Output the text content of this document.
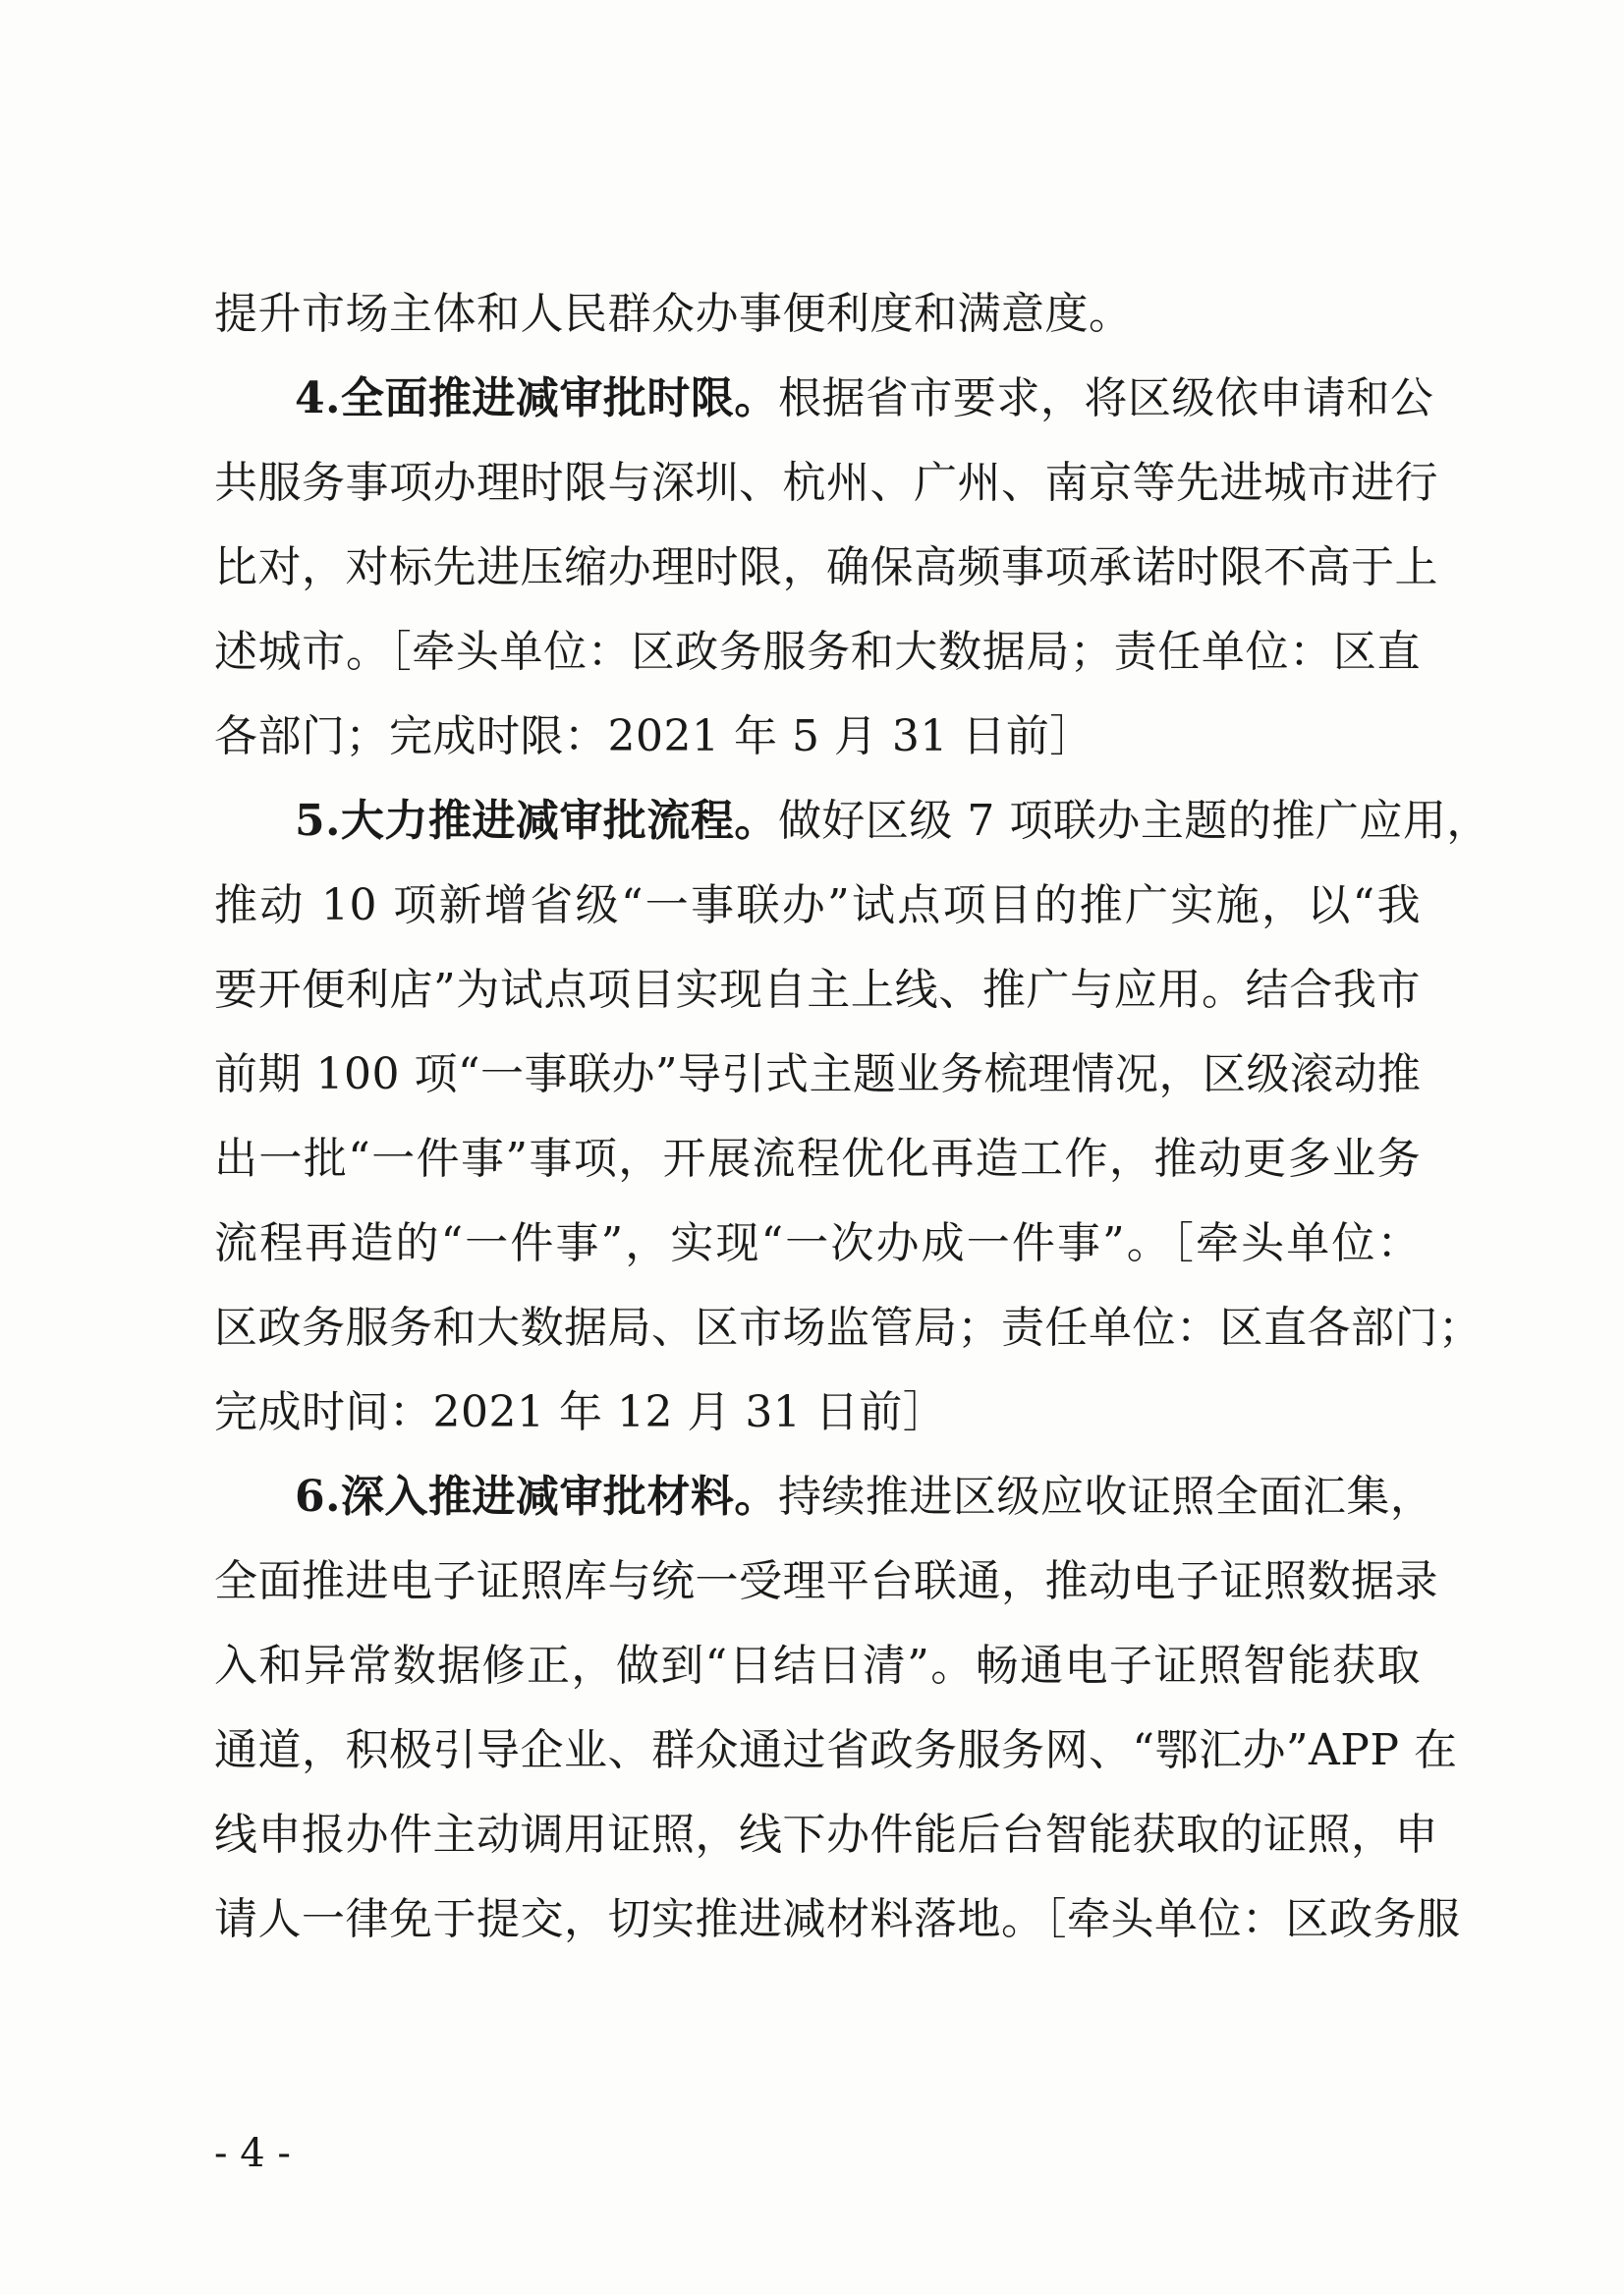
提升市场主体和人民群众办事便利度和满意度。
4.全面推进减审批时限。根据省市要求，将区级依申请和公
共服务事项办理时限与深圳、杭州、广州、南京等先进城市进行
比对，对标先进压缩办理时限，确保高频事项承诺时限不高于上
述城市。［牵头单位：区政务服务和大数据局；责任单位：区直
各部门；完成时限：2021 年 5 月 31 日前］
5.大力推进减审批流程。做好区级 7 项联办主题的推广应用，
推动 10 项新增省级“一事联办”试点项目的推广实施，以“我
要开便利店”为试点项目实现自主上线、推广与应用。结合我市
前期 100 项“一事联办”导引式主题业务梳理情况，区级滚动推
出一批“一件事”事项，开展流程优化再造工作，推动更多业务
流程再造的“一件事”，实现“一次办成一件事”。［牵头单位：
区政务服务和大数据局、区市场监管局；责任单位：区直各部门；
完成时间：2021 年 12 月 31 日前］
6.深入推进减审批材料。持续推进区级应收证照全面汇集，
全面推进电子证照库与统一受理平台联通，推动电子证照数据录
入和异常数据修正，做到“日结日清”。畅通电子证照智能获取
通道，积极引导企业、群众通过省政务服务网、“鄂汇办”APP 在
线申报办件主动调用证照，线下办件能后台智能获取的证照，申
请人一律免于提交，切实推进减材料落地。［牵头单位：区政务服
- 4 -
